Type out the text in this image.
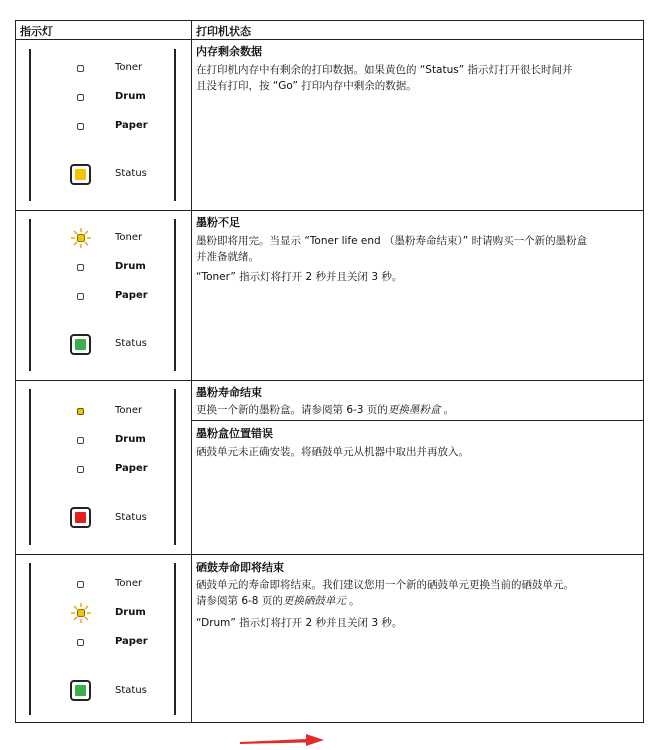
指示灯	打印机状态
Toner
Drum
Paper
Status
内存剩余数据
在打印机内存中有剩余的打印数据。如果黄色的 “Status” 指示灯打开很长时间并
且没有打印，按 “Go” 打印内存中剩余的数据。
Toner
Drum
Paper
Status
墨粉不足
墨粉即将用完。当显示 “Toner life end （墨粉寿命结束）” 时请购买一个新的墨粉盒
并准备就绪。
“Toner” 指示灯将打开 2 秒并且关闭 3 秒。
Toner
Drum
Paper
Status
墨粉寿命结束
更换一个新的墨粉盒。请参阅第 6-3 页的更换墨粉盒 。
墨粉盒位置错误
硒鼓单元未正确安装。将硒鼓单元从机器中取出并再放入。
Toner
Drum
Paper
Status
硒鼓寿命即将结束
硒鼓单元的寿命即将结束。我们建议您用一个新的硒鼓单元更换当前的硒鼓单元。
请参阅第 6-8 页的更换硒鼓单元 。
“Drum” 指示灯将打开 2 秒并且关闭 3 秒。
